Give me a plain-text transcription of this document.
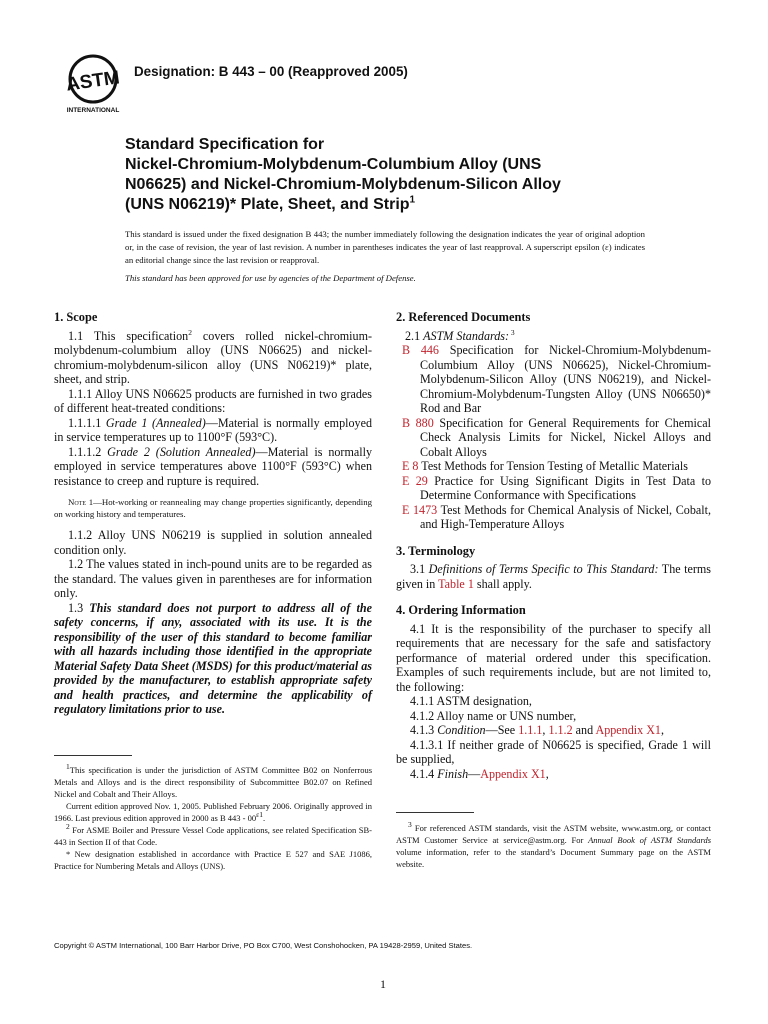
ASTM
INTERNATIONAL
Designation: B 443 – 00 (Reapproved 2005)
Standard Specification for
Nickel-Chromium-Molybdenum-Columbium Alloy (UNS
N06625) and Nickel-Chromium-Molybdenum-Silicon Alloy
(UNS N06219)* Plate, Sheet, and Strip$^1$
This standard is issued under the fixed designation B 443; the number immediately following the designation indicates the year of original adoption or, in the case of revision, the year of last revision. A number in parentheses indicates the year of last reapproval. A superscript epsilon (ε) indicates an editorial change since the last revision or reapproval.
This standard has been approved for use by agencies of the Department of Defense.
1. Scope

1.1 This specification$^2$ covers rolled nickel-chromium-molybdenum-columbium alloy (UNS N06625) and nickel-chromium-molybdenum-silicon alloy (UNS N06219)* plate, sheet, and strip.

1.1.1 Alloy UNS N06625 products are furnished in two grades of different heat-treated conditions:

1.1.1.1 Grade 1 (Annealed)—Material is normally employed in service temperatures up to 1100°F (593°C).

1.1.1.2 Grade 2 (Solution Annealed)—Material is normally employed in service temperatures above 1100°F (593°C) when resistance to creep and rupture is required.

Note 1—Hot-working or reannealing may change properties significantly, depending on working history and temperatures.

1.1.2 Alloy UNS N06219 is supplied in solution annealed condition only.

1.2 The values stated in inch-pound units are to be regarded as the standard. The values given in parentheses are for information only.

1.3 This standard does not purport to address all of the safety concerns, if any, associated with its use. It is the responsibility of the user of this standard to become familiar with all hazards including those identified in the appropriate Material Safety Data Sheet (MSDS) for this product/material as provided by the manufacturer, to establish appropriate safety and health practices, and determine the applicability of regulatory limitations prior to use.

$^1$This specification is under the jurisdiction of ASTM Committee B02 on Nonferrous Metals and Alloys and is the direct responsibility of Subcommittee B02.07 on Refined Nickel and Cobalt and Their Alloys.

Current edition approved Nov. 1, 2005. Published February 2006. Originally approved in 1966. Last previous edition approved in 2000 as B $443 - 00^{\varepsilon 1}$.

$^2$ For ASME Boiler and Pressure Vessel Code applications, see related Specification SB-443 in Section II of that Code.

* New designation established in accordance with Practice E 527 and SAE J1086, Practice for Numbering Metals and Alloys (UNS).

2. Referenced Documents

2.1 ASTM Standards: $^3$

B 446 Specification for Nickel-Chromium-Molybdenum-Columbium Alloy (UNS N06625), Nickel-Chromium-Molybdenum-Silicon Alloy (UNS N06219), and Nickel-Chromium-Molybdenum-Tungsten Alloy (UNS N06650)* Rod and Bar

B 880 Specification for General Requirements for Chemical Check Analysis Limits for Nickel, Nickel Alloys and Cobalt Alloys

E 8 Test Methods for Tension Testing of Metallic Materials

E 29 Practice for Using Significant Digits in Test Data to Determine Conformance with Specifications

E 1473 Test Methods for Chemical Analysis of Nickel, Cobalt, and High-Temperature Alloys

3. Terminology

3.1 Definitions of Terms Specific to This Standard: The terms given in Table 1 shall apply.

4. Ordering Information

4.1 It is the responsibility of the purchaser to specify all requirements that are necessary for the safe and satisfactory performance of material ordered under this specification. Examples of such requirements include, but are not limited to, the following:

4.1.1 ASTM designation,

4.1.2 Alloy name or UNS number,

4.1.3 Condition—See 1.1.1, 1.1.2 and Appendix X1,

4.1.3.1 If neither grade of N06625 is specified, Grade 1 will be supplied,

4.1.4 Finish—Appendix X1,

$^3$ For referenced ASTM standards, visit the ASTM website, www.astm.org, or contact ASTM Customer Service at service@astm.org. For Annual Book of ASTM Standards volume information, refer to the standard’s Document Summary page on the ASTM website.

Copyright © ASTM International, 100 Barr Harbor Drive, PO Box C700, West Conshohocken, PA 19428-2959, United States.
1
